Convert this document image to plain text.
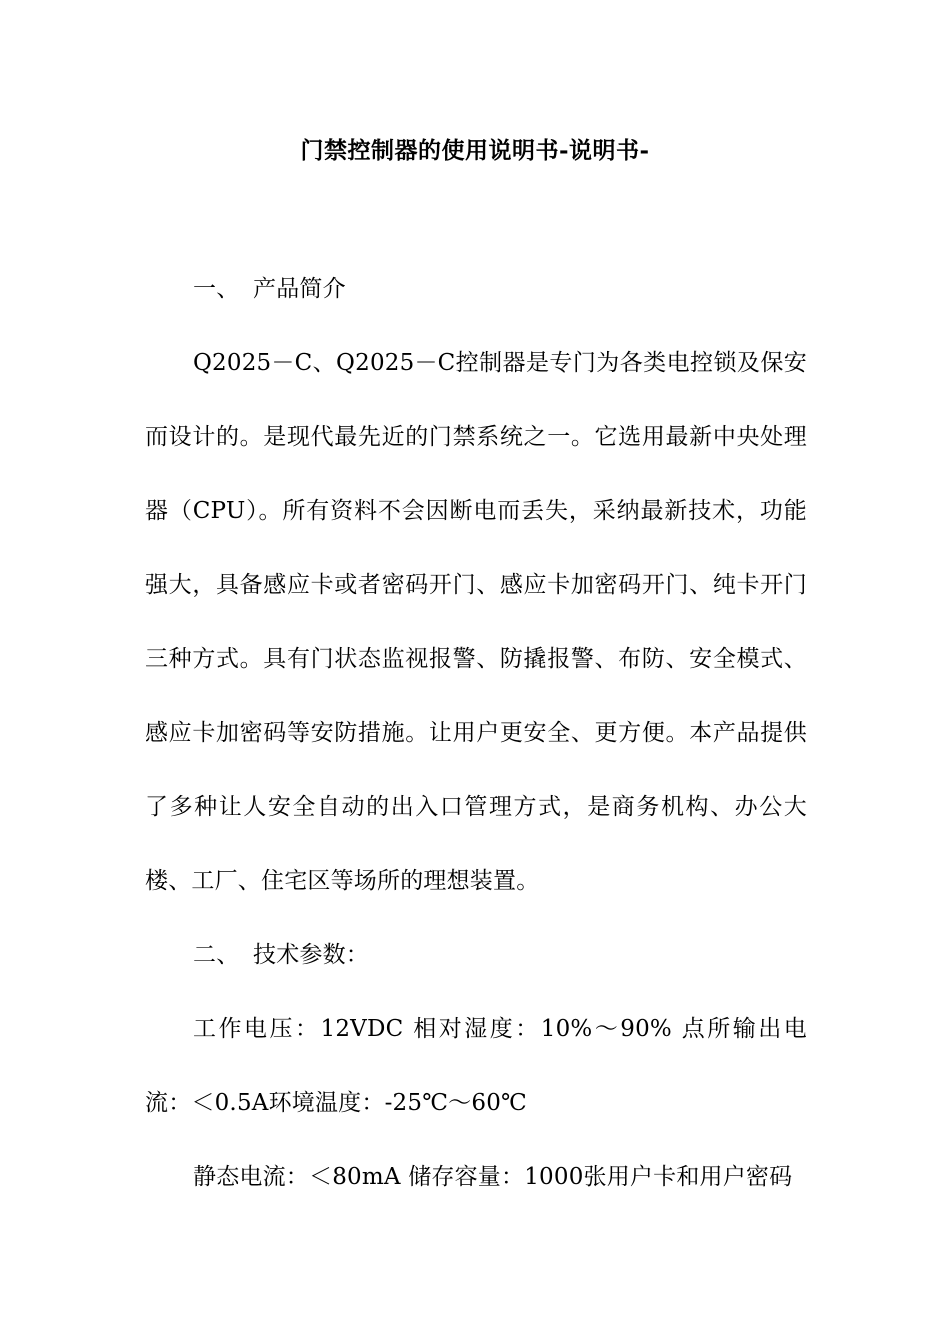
门禁控制器的使用说明书-说明书-

一、 产品简介

Q2025－C、Q2025－C控制器是专门为各类电控锁及保安而设计的。是现代最先近的门禁系统之一。它选用最新中央处理器（CPU）。所有资料不会因断电而丢失，采纳最新技术，功能强大，具备感应卡或者密码开门、感应卡加密码开门、纯卡开门三种方式。具有门状态监视报警、防撬报警、布防、安全模式、感应卡加密码等安防措施。让用户更安全、更方便。本产品提供了多种让人安全自动的出入口管理方式，是商务机构、办公大楼、工厂、住宅区等场所的理想装置。

二、 技术参数：

工作电压：12VDC 相对湿度：10%～90% 点所输出电流：＜0.5A环境温度：-25℃～60℃

静态电流：＜80mA 储存容量：1000张用户卡和用户密码
